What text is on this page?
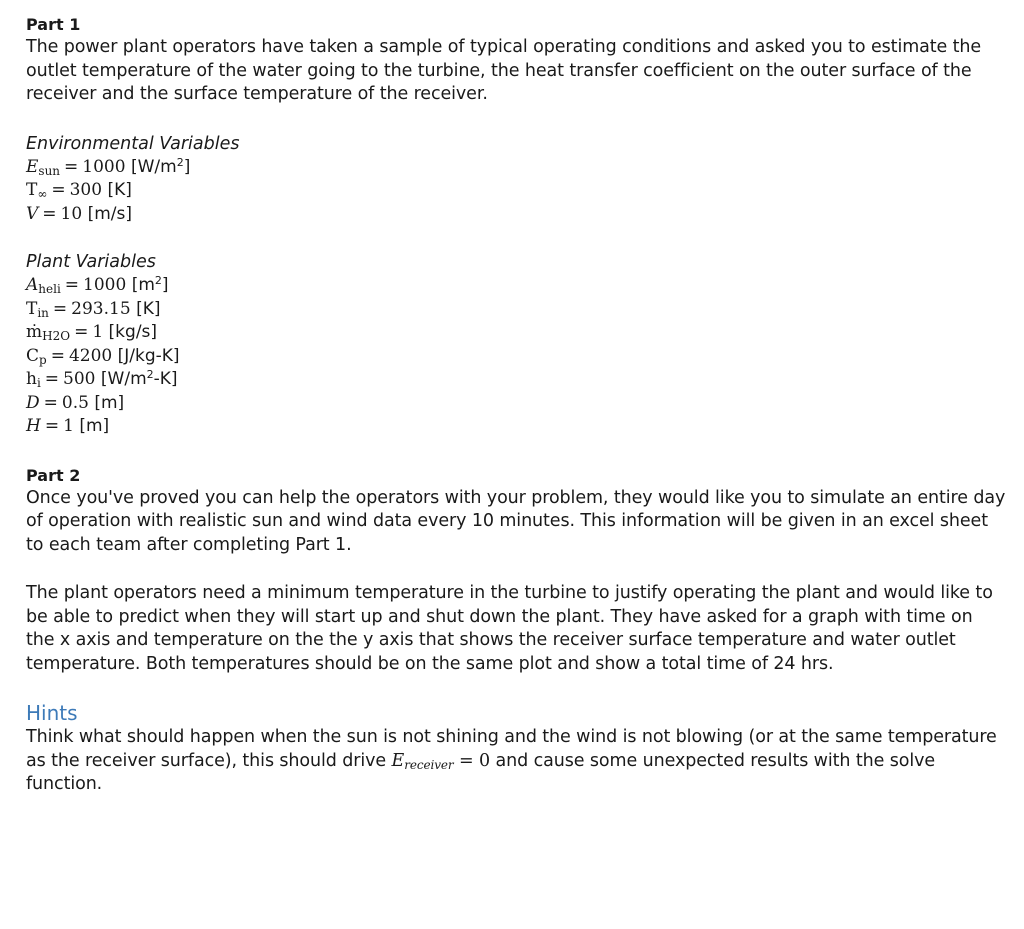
Part 1

The power plant operators have taken a sample of typical operating conditions and asked you to estimate the outlet temperature of the water going to the turbine, the heat transfer coefficient on the outer surface of the receiver and the surface temperature of the receiver.

Environmental Variables

$E_{sun} = 1000$ $[W/m^2]$
$T_\infty = 300$ [K]
V = 10 [m/s]

Plant Variables

$A_{heli} = 1000$ $[m^2]$
$T_{in} = 293.15$ [K]
ṁ$_{H2O}$ = 1 [kg/s]
$C_p = 4200$ [J/kg-K]
$h_i = 500$ $[W/m^2-K]$
D = 0.5 [m]
H = 1 [m]

Part 2

Once you've proved you can help the operators with your problem, they would like you to simulate an entire day of operation with realistic sun and wind data every 10 minutes. This information will be given in an excel sheet to each team after completing Part 1.

The plant operators need a minimum temperature in the turbine to justify operating the plant and would like to be able to predict when they will start up and shut down the plant. They have asked for a graph with time on the x axis and temperature on the the y axis that shows the receiver surface temperature and water outlet temperature. Both temperatures should be on the same plot and show a total time of 24 hrs.

Hints

Think what should happen when the sun is not shining and the wind is not blowing (or at the same temperature as the receiver surface), this should drive $E_{receiver} = 0$ and cause some unexpected results with the solve function.
